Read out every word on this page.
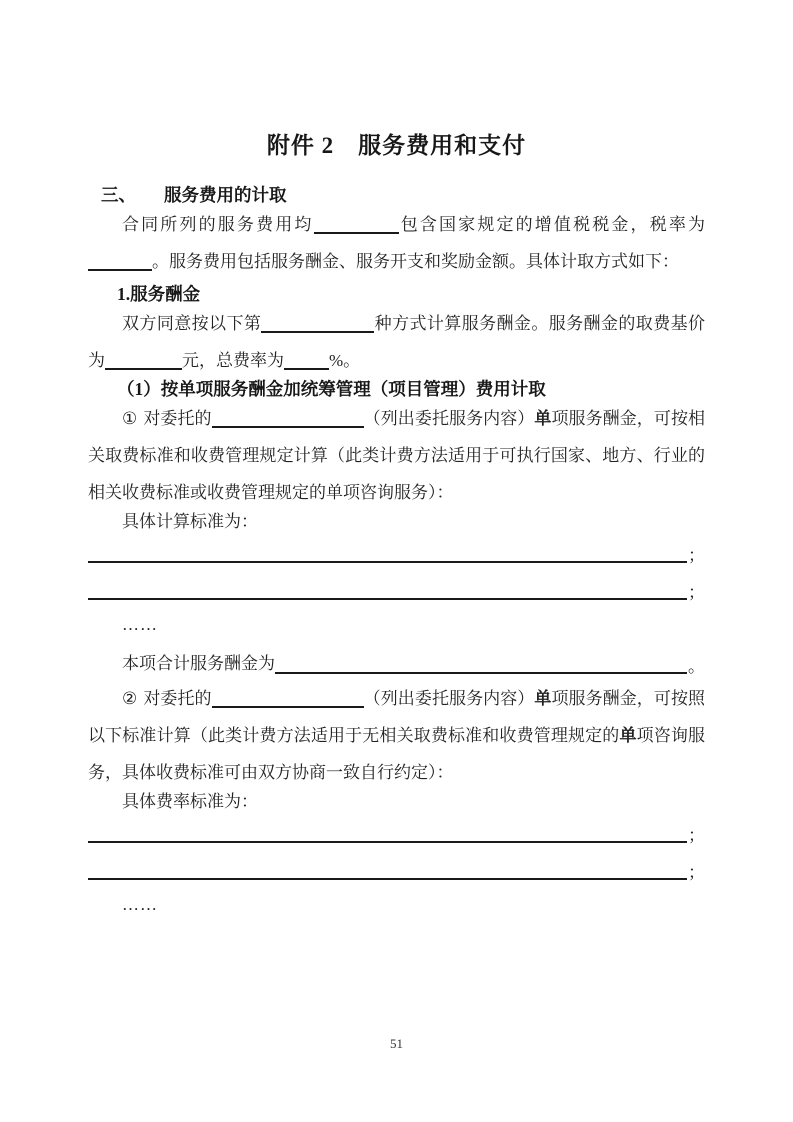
附件 2　服务费用和支付
三、 服务费用的计取

合同所列的服务费用均	包含国家规定的增值税税金，税率为。服务费用包括服务酬金、服务开支和奖励金额。具体计取方式如下：

1.服务酬金

双方同意按以下第	种方式计算服务酬金。服务酬金的取费基价为	元，总费率为	%。

（1）按单项服务酬金加统筹管理（项目管理）费用计取

① 对委托的	（列出委托服务内容）单项服务酬金，可按相关取费标准和收费管理规定计算（此类计费方法适用于可执行国家、地方、行业的相关收费标准或收费管理规定的单项咨询服务）：

具体计算标准为：

；
；

……

本项合计服务酬金为	。

② 对委托的	（列出委托服务内容）单项服务酬金，可按照以下标准计算（此类计费方法适用于无相关取费标准和收费管理规定的单项咨询服务，具体收费标准可由双方协商一致自行约定）：

具体费率标准为：

；
；

……

51
